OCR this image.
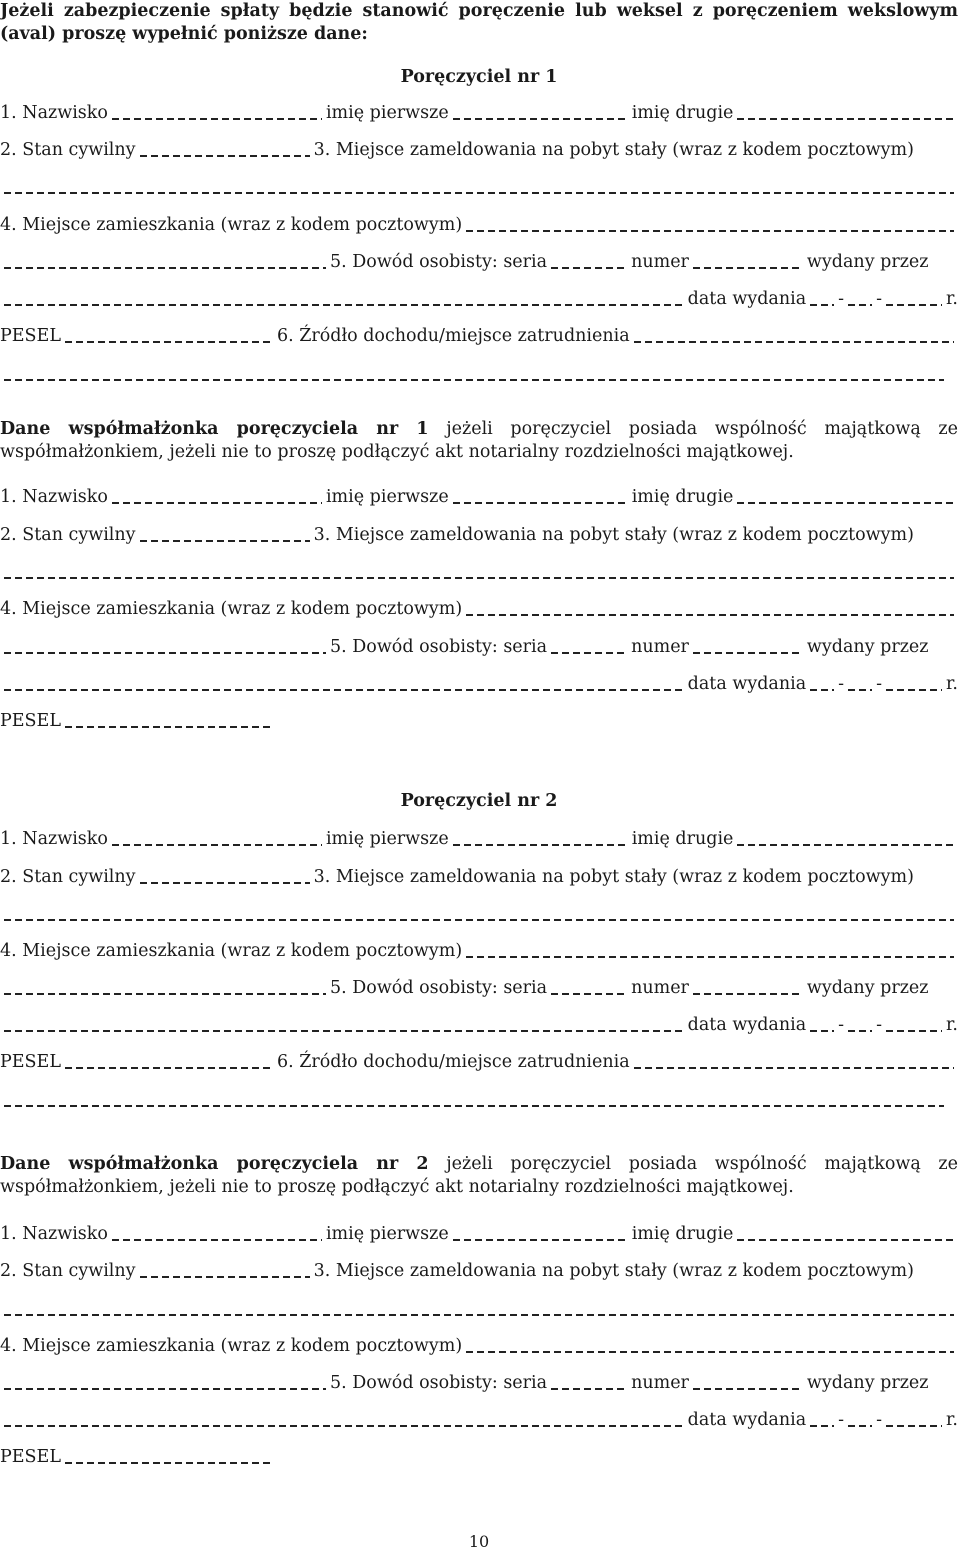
Jeżeli zabezpieczenie spłaty będzie stanowić poręczenie lub weksel z poręczeniem wekslowym (aval) proszę wypełnić poniższe dane:
Poręczyciel nr 1
1. Nazwisko	imię pierwsze	imię drugie
2. Stan cywilny	3. Miejsce zameldowania na pobyt stały (wraz z kodem pocztowym)
4. Miejsce zamieszkania (wraz z kodem pocztowym)
5. Dowód osobisty: seria	numer	wydany przez
data wydania - -	r.
PESEL	6. Źródło dochodu/miejsce zatrudnienia
Dane współmałżonka poręczyciela nr 1 jeżeli poręczyciel posiada wspólność majątkową ze współmałżonkiem, jeżeli nie to proszę podłączyć akt notarialny rozdzielności majątkowej.
1. Nazwisko	imię pierwsze	imię drugie
2. Stan cywilny	3. Miejsce zameldowania na pobyt stały (wraz z kodem pocztowym)
4. Miejsce zamieszkania (wraz z kodem pocztowym)
5. Dowód osobisty: seria	numer	wydany przez
data wydania - -	r.
PESEL
Poręczyciel nr 2
1. Nazwisko	imię pierwsze	imię drugie
2. Stan cywilny	3. Miejsce zameldowania na pobyt stały (wraz z kodem pocztowym)
4. Miejsce zamieszkania (wraz z kodem pocztowym)
5. Dowód osobisty: seria	numer	wydany przez
data wydania - -	r.
PESEL	6. Źródło dochodu/miejsce zatrudnienia
Dane współmałżonka poręczyciela nr 2 jeżeli poręczyciel posiada wspólność majątkową ze współmałżonkiem, jeżeli nie to proszę podłączyć akt notarialny rozdzielności majątkowej.
1. Nazwisko	imię pierwsze	imię drugie
2. Stan cywilny	3. Miejsce zameldowania na pobyt stały (wraz z kodem pocztowym)
4. Miejsce zamieszkania (wraz z kodem pocztowym)
5. Dowód osobisty: seria	numer	wydany przez
data wydania - -	r.
PESEL
10
